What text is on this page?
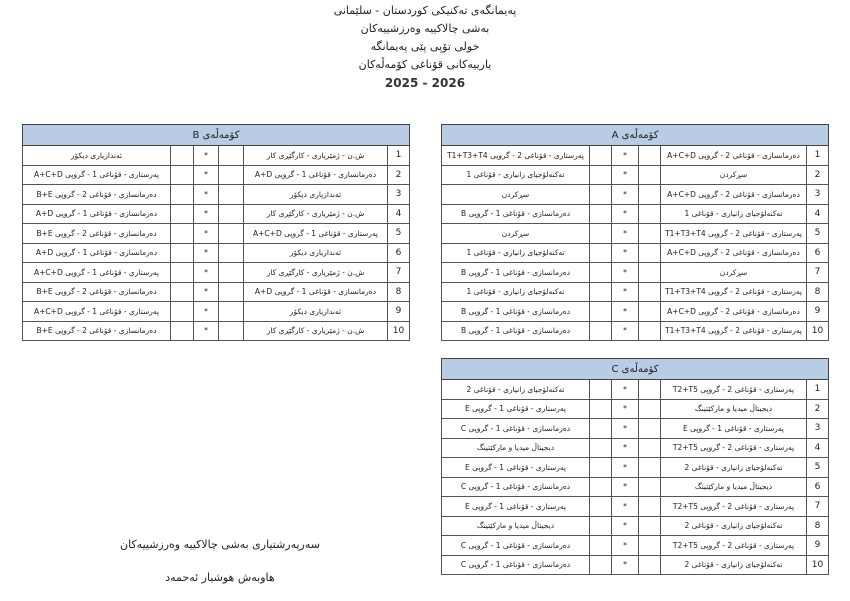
پەیمانگەی تەکنیکی کوردستان - سلێمانی
بەشی چالاکییە وەرزشییەکان
خولی تۆپی پێی پەیمانگە
یارییەکانی قۆناغی کۆمەڵەکان
2025 - 2026
کۆمەڵەی B					
ئەندازیاری دیکۆر		*		ش.ن - ژمێریاری - کارگێڕی کار	1
پەرستاری - قۆناغی 1 - گروپی A+C+D		*		دەرمانسازی - قۆناغی 1 - گروپی A+D	2
دەرمانسازی - قۆناغی 2 - گروپی B+E		*		ئەندازیاری دیکۆر	3
دەرمانسازی - قۆناغی 1 - گروپی A+D		*		ش.ن - ژمێریاری - کارگێڕی کار	4
دەرمانسازی - قۆناغی 2 - گروپی B+E		*		پەرستاری - قۆناغی 1 - گروپی A+C+D	5
دەرمانسازی - قۆناغی 1 - گروپی A+D		*		ئەندازیاری دیکۆر	6
پەرستاری - قۆناغی 1 - گروپی A+C+D		*		ش.ن - ژمێریاری - کارگێڕی کار	7
دەرمانسازی - قۆناغی 2 - گروپی B+E		*		دەرمانسازی - قۆناغی 1 - گروپی A+D	8
پەرستاری - قۆناغی 1 - گروپی A+C+D		*		ئەندازیاری دیکۆر	9
دەرمانسازی - قۆناغی 2 - گروپی B+E		*		ش.ن - ژمێریاری - کارگێڕی کار	10
کۆمەڵەی A					
پەرستاری - قۆناغی 2 - گروپی T1+T3+T4		*		دەرمانسازی - قۆناغی 2 - گروپی A+C+D	1
تەکنەلۆجیای زانیاری - قۆناغی 1		*		سڕکردن	2
سڕکردن		*		دەرمانسازی - قۆناغی 2 - گروپی A+C+D	3
دەرمانسازی - قۆناغی 1 - گروپی B		*		تەکنەلۆجیای زانیاری - قۆناغی 1	4
سڕکردن		*		پەرستاری - قۆناغی 2 - گروپی T1+T3+T4	5
تەکنەلۆجیای زانیاری - قۆناغی 1		*		دەرمانسازی - قۆناغی 2 - گروپی A+C+D	6
دەرمانسازی - قۆناغی 1 - گروپی B		*		سڕکردن	7
تەکنەلۆجیای زانیاری - قۆناغی 1		*		پەرستاری - قۆناغی 2 - گروپی T1+T3+T4	8
دەرمانسازی - قۆناغی 1 - گروپی B		*		دەرمانسازی - قۆناغی 2 - گروپی A+C+D	9
دەرمانسازی - قۆناغی 1 - گروپی B		*		پەرستاری - قۆناغی 2 - گروپی T1+T3+T4	10
کۆمەڵەی C					
تەکنەلۆجیای زانیاری - قۆناغی 2		*		پەرستاری - قۆناغی 2 - گروپی T2+T5	1
پەرستاری - قۆناغی 1 - گروپی E		*		دیجیتاڵ میدیا و مارکێتینگ	2
دەرمانسازی - قۆناغی 1 - گروپی C		*		پەرستاری - قۆناغی 1 - گروپی E	3
دیجیتاڵ میدیا و مارکێتینگ		*		پەرستاری - قۆناغی 2 - گروپی T2+T5	4
پەرستاری - قۆناغی 1 - گروپی E		*		تەکنەلۆجیای زانیاری - قۆناغی 2	5
دەرمانسازی - قۆناغی 1 - گروپی C		*		دیجیتاڵ میدیا و مارکێتینگ	6
پەرستاری - قۆناغی 1 - گروپی E		*		پەرستاری - قۆناغی 2 - گروپی T2+T5	7
دیجیتاڵ میدیا و مارکێتینگ		*		تەکنەلۆجیای زانیاری - قۆناغی 2	8
دەرمانسازی - قۆناغی 1 - گروپی C		*		پەرستاری - قۆناغی 2 - گروپی T2+T5	9
دەرمانسازی - قۆناغی 1 - گروپی C		*		تەکنەلۆجیای زانیاری - قۆناغی 2	10
سەرپەرشتیاری بەشی چالاکییە وەرزشییەکان
هاوبەش هوشیار ئەحمەد
